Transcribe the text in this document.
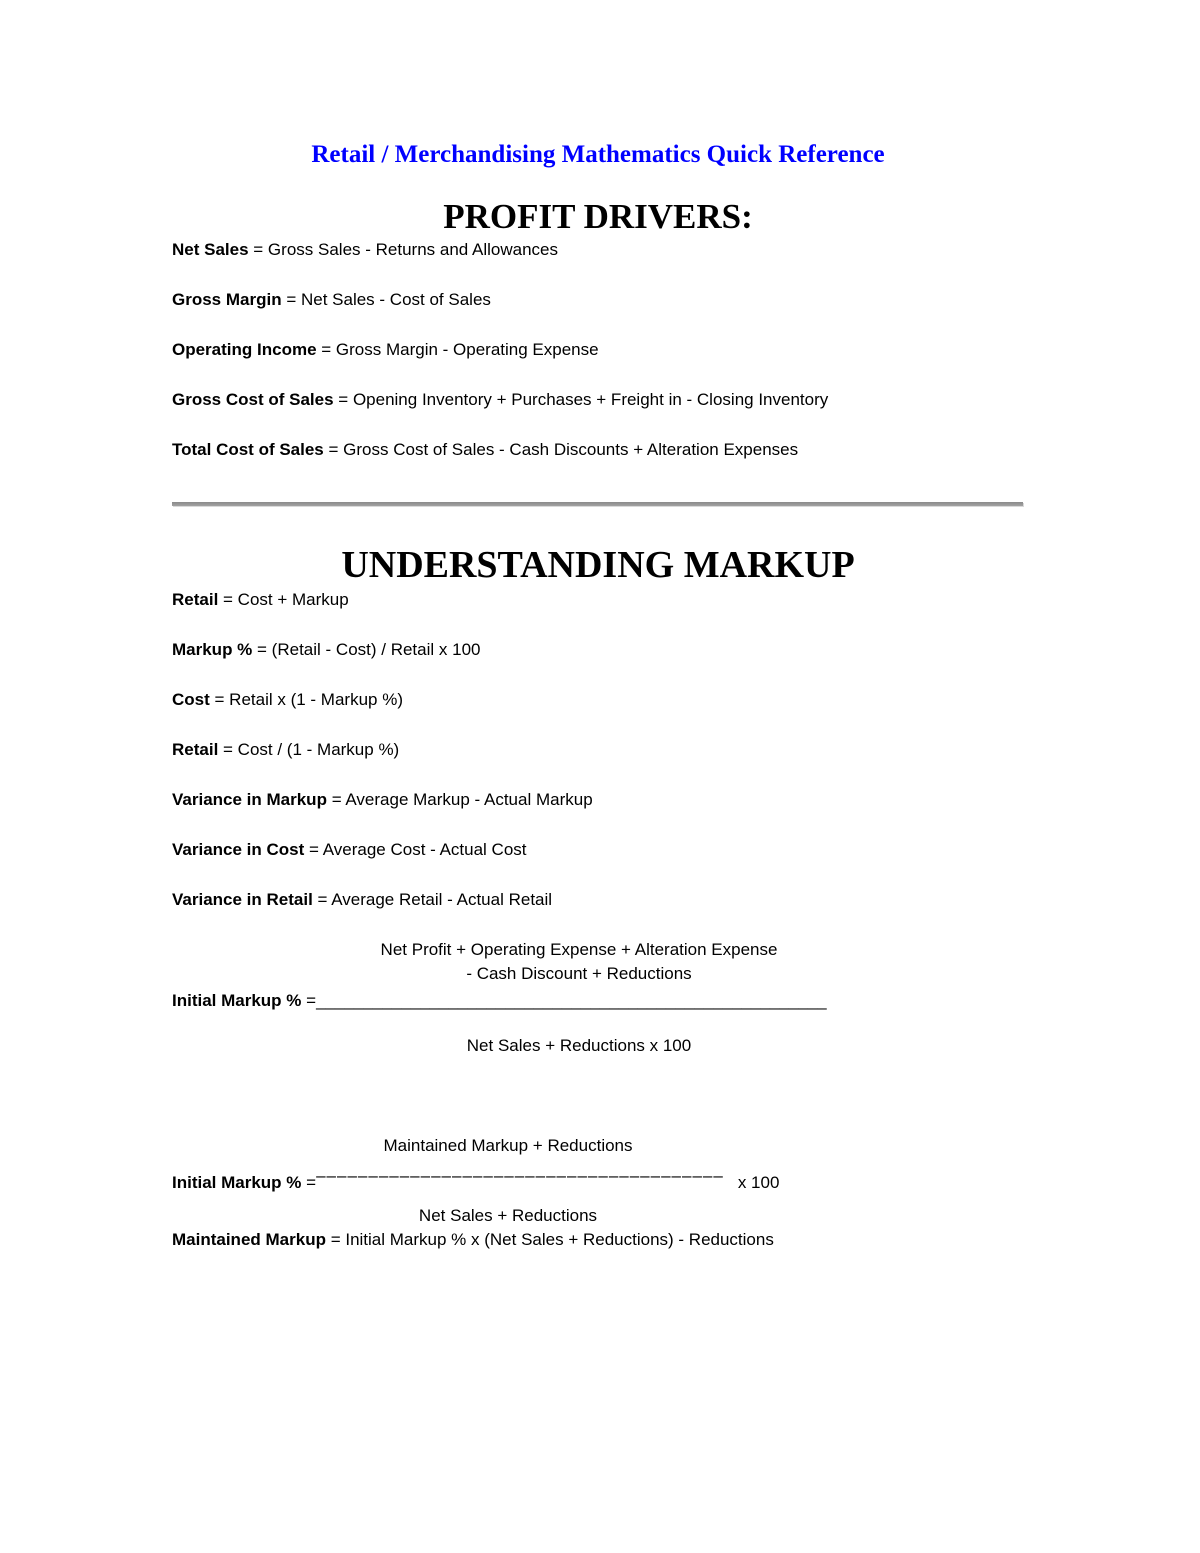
Retail / Merchandising Mathematics Quick Reference
PROFIT DRIVERS:

Net Sales = Gross Sales - Returns and Allowances

Gross Margin = Net Sales - Cost of Sales

Operating Income = Gross Margin - Operating Expense

Gross Cost of Sales = Opening Inventory + Purchases + Freight in - Closing Inventory

Total Cost of Sales = Gross Cost of Sales - Cash Discounts + Alteration Expenses

UNDERSTANDING MARKUP

Retail = Cost + Markup

Markup % = (Retail - Cost) / Retail x 100

Cost = Retail x (1 - Markup %)

Retail = Cost / (1 - Markup %)

Variance in Markup = Average Markup - Actual Markup

Variance in Cost = Average Cost - Actual Cost

Variance in Retail = Average Retail - Actual Retail

Net Profit + Operating Expense + Alteration Expense
- Cash Discount + Reductions

Initial Markup % =______________________________________________________

Net Sales + Reductions x 100
Maintained Markup + Reductions

Initial Markup % =––––––––––––––––––––––––––––––––––––––– x 100

Net Sales + Reductions

Maintained Markup = Initial Markup % x (Net Sales + Reductions) - Reductions
